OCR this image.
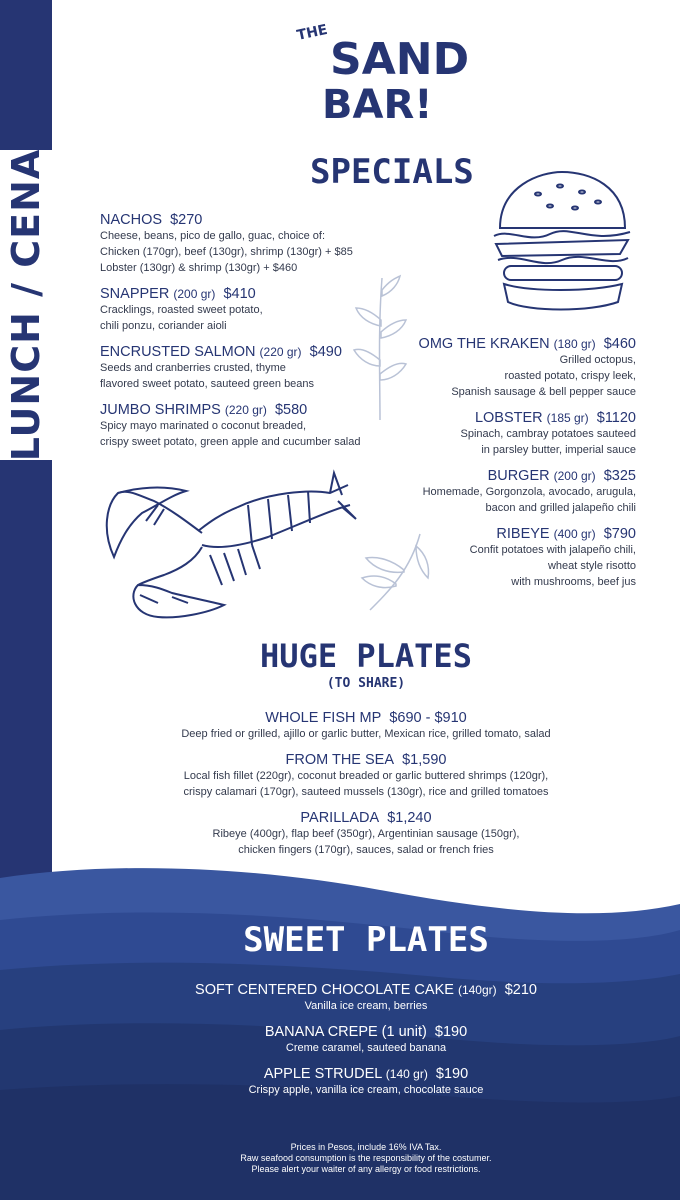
LUNCH / CENA
THE
SAND
BAR!
SPECIALS
NACHOS $270
Cheese, beans, pico de gallo, guac, choice of:
Chicken (170gr), beef (130gr), shrimp (130gr) + $85
Lobster (130gr) & shrimp (130gr) + $460
SNAPPER (200 gr) $410
Cracklings, roasted sweet potato,
chili ponzu, coriander aioli
ENCRUSTED SALMON (220 gr) $490
Seeds and cranberries crusted, thyme
flavored sweet potato, sauteed green beans
JUMBO SHRIMPS (220 gr) $580
Spicy mayo marinated o coconut breaded,
crispy sweet potato, green apple and cucumber salad
OMG THE KRAKEN (180 gr) $460
Grilled octopus,
roasted potato, crispy leek,
Spanish sausage & bell pepper sauce
LOBSTER (185 gr) $1120
Spinach, cambray potatoes sauteed
in parsley butter, imperial sauce
BURGER (200 gr) $325
Homemade, Gorgonzola, avocado, arugula,
bacon and grilled jalapeño chili
RIBEYE (400 gr) $790
Confit potatoes with jalapeño chili,
wheat style risotto
with mushrooms, beef jus
HUGE PLATES
(TO SHARE)
WHOLE FISH MP $690 - $910
Deep fried or grilled, ajillo or garlic butter, Mexican rice, grilled tomato, salad
FROM THE SEA $1,590
Local fish fillet (220gr), coconut breaded or garlic buttered shrimps (120gr),
crispy calamari (170gr), sauteed mussels (130gr), rice and grilled tomatoes
PARILLADA $1,240
Ribeye (400gr), flap beef (350gr), Argentinian sausage (150gr),
chicken fingers (170gr), sauces, salad or french fries
SWEET PLATES
SOFT CENTERED CHOCOLATE CAKE (140gr) $210
Vanilla ice cream, berries
BANANA CREPE (1 unit) $190
Creme caramel, sauteed banana
APPLE STRUDEL (140 gr) $190
Crispy apple, vanilla ice cream, chocolate sauce
Prices in Pesos, include 16% IVA Tax.
Raw seafood consumption is the responsibility of the costumer.
Please alert your waiter of any allergy or food restrictions.
